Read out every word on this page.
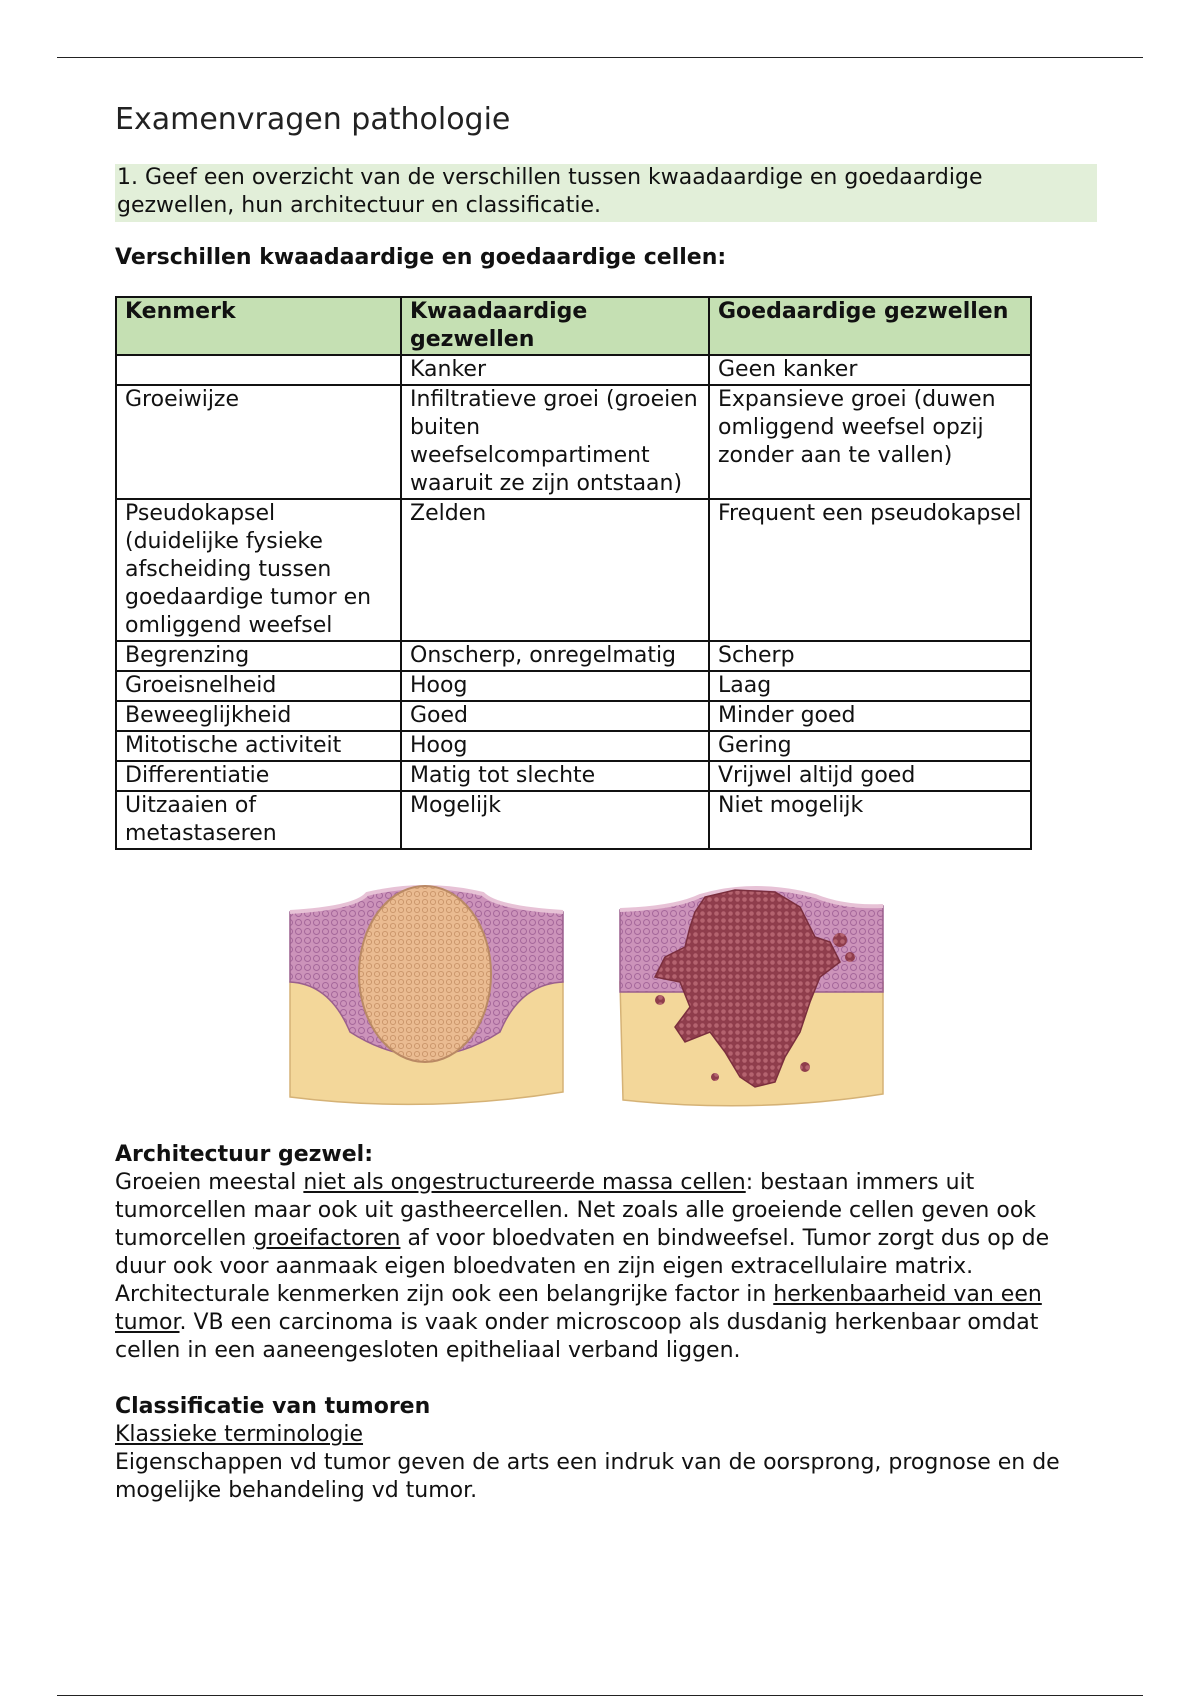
Examenvragen pathologie

1. Geef een overzicht van de verschillen tussen kwaadaardige en goedaardige gezwellen, hun architectuur en classificatie.

Verschillen kwaadaardige en goedaardige cellen:
Kenmerk	Kwaadaardige gezwellen	Goedaardige gezwellen
	Kanker	Geen kanker
Groeiwijze	Infiltratieve groei (groeien buiten weefselcompartiment waaruit ze zijn ontstaan)	Expansieve groei (duwen omliggend weefsel opzij zonder aan te vallen)
Pseudokapsel (duidelijke fysieke afscheiding tussen goedaardige tumor en omliggend weefsel	Zelden	Frequent een pseudokapsel
Begrenzing	Onscherp, onregelmatig	Scherp
Groeisnelheid	Hoog	Laag
Beweeglijkheid	Goed	Minder goed
Mitotische activiteit	Hoog	Gering
Differentiatie	Matig tot slechte	Vrijwel altijd goed
Uitzaaien of metastaseren	Mogelijk	Niet mogelijk
Architectuur gezwel:

Groeien meestal niet als ongestructureerde massa cellen: bestaan immers uit tumorcellen maar ook uit gastheercellen. Net zoals alle groeiende cellen geven ook tumorcellen groeifactoren af voor bloedvaten en bindweefsel. Tumor zorgt dus op de duur ook voor aanmaak eigen bloedvaten en zijn eigen extracellulaire matrix. Architecturale kenmerken zijn ook een belangrijke factor in herkenbaarheid van een tumor. VB een carcinoma is vaak onder microscoop als dusdanig herkenbaar omdat cellen in een aaneengesloten epitheliaal verband liggen.

Classificatie van tumoren

Klassieke terminologie

Eigenschappen vd tumor geven de arts een indruk van de oorsprong, prognose en de mogelijke behandeling vd tumor.
